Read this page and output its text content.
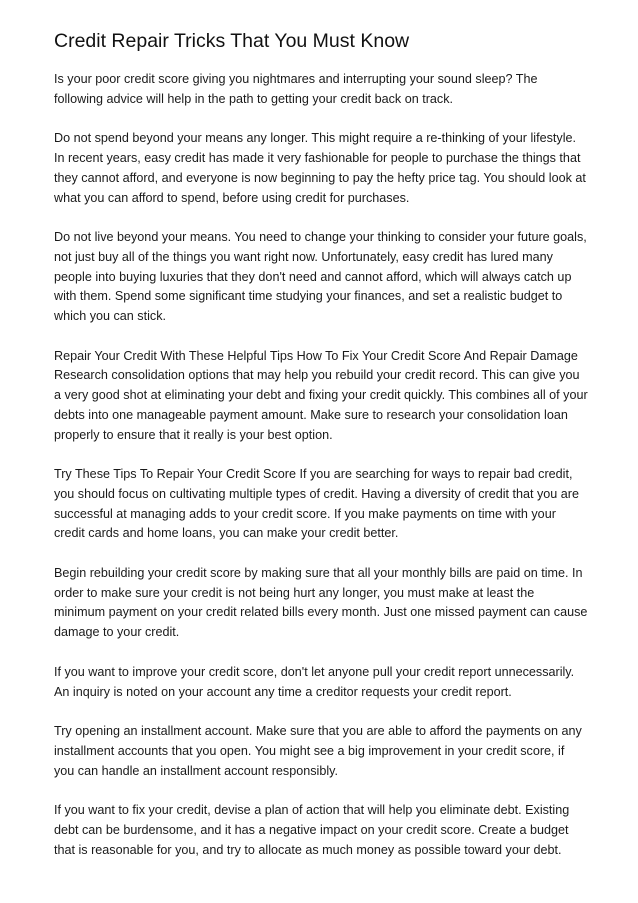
Credit Repair Tricks That You Must Know

Is your poor credit score giving you nightmares and interrupting your sound sleep? The following advice will help in the path to getting your credit back on track.

Do not spend beyond your means any longer. This might require a re-thinking of your lifestyle. In recent years, easy credit has made it very fashionable for people to purchase the things that they cannot afford, and everyone is now beginning to pay the hefty price tag. You should look at what you can afford to spend, before using credit for purchases.

Do not live beyond your means. You need to change your thinking to consider your future goals, not just buy all of the things you want right now. Unfortunately, easy credit has lured many people into buying luxuries that they don't need and cannot afford, which will always catch up with them. Spend some significant time studying your finances, and set a realistic budget to which you can stick.

Repair Your Credit With These Helpful Tips How To Fix Your Credit Score And Repair Damage Research consolidation options that may help you rebuild your credit record. This can give you a very good shot at eliminating your debt and fixing your credit quickly. This combines all of your debts into one manageable payment amount. Make sure to research your consolidation loan properly to ensure that it really is your best option.

Try These Tips To Repair Your Credit Score If you are searching for ways to repair bad credit, you should focus on cultivating multiple types of credit. Having a diversity of credit that you are successful at managing adds to your credit score. If you make payments on time with your credit cards and home loans, you can make your credit better.

Begin rebuilding your credit score by making sure that all your monthly bills are paid on time. In order to make sure your credit is not being hurt any longer, you must make at least the minimum payment on your credit related bills every month. Just one missed payment can cause damage to your credit.

If you want to improve your credit score, don't let anyone pull your credit report unnecessarily. An inquiry is noted on your account any time a creditor requests your credit report.

Try opening an installment account. Make sure that you are able to afford the payments on any installment accounts that you open. You might see a big improvement in your credit score, if you can handle an installment account responsibly.

If you want to fix your credit, devise a plan of action that will help you eliminate debt. Existing debt can be burdensome, and it has a negative impact on your credit score. Create a budget that is reasonable for you, and try to allocate as much money as possible toward your debt.
